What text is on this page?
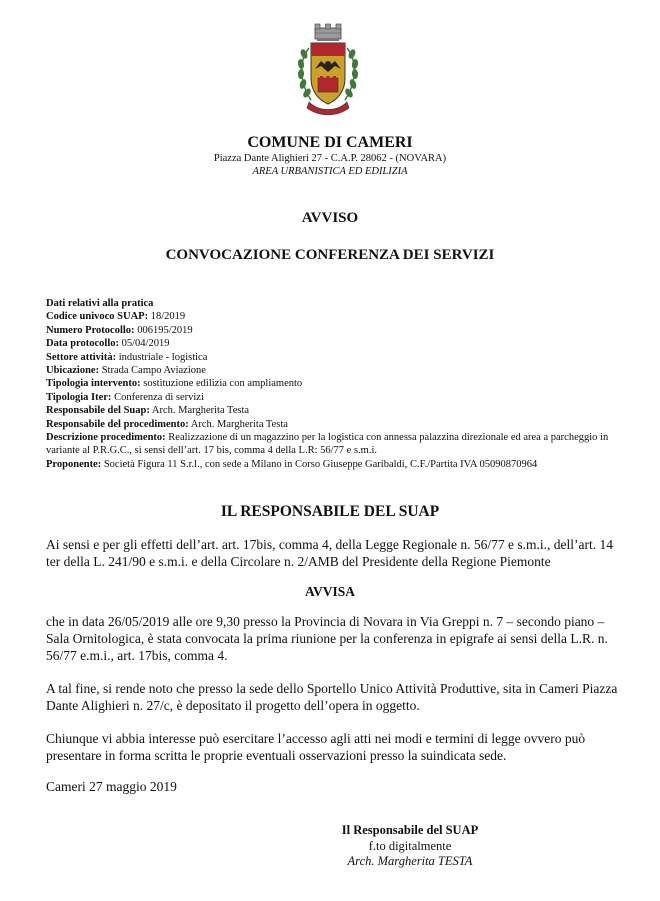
COMUNE DI CAMERI
Piazza Dante Alighieri 27 - C.A.P. 28062 - (NOVARA)
AREA URBANISTICA ED EDILIZIA
AVVISO
CONVOCAZIONE CONFERENZA DEI SERVIZI
Dati relativi alla pratica
Codice univoco SUAP: 18/2019
Numero Protocollo: 006195/2019
Data protocollo: 05/04/2019
Settore attività: industriale - logistica
Ubicazione: Strada Campo Aviazione
Tipologia intervento: sostituzione edilizia con ampliamento
Tipologia Iter: Conferenza di servizi
Responsabile del Suap: Arch. Margherita Testa
Responsabile del procedimento: Arch. Margherita Testa
Descrizione procedimento: Realizzazione di un magazzino per la logistica con annessa palazzina direzionale ed area a parcheggio in variante al P.R.G.C., si sensi dell’art. 17 bis, comma 4 della L.R: 56/77 e s.m.i.
Proponente: Società Figura 11 S.r.l., con sede a Milano in Corso Giuseppe Garibaldi, C.F./Partita IVA 05090870964
IL RESPONSABILE DEL SUAP
Ai sensi e per gli effetti dell’art. art. 17bis, comma 4, della Legge Regionale n. 56/77 e s.m.i., dell’art. 14 ter della L. 241/90 e s.m.i. e della Circolare n. 2/AMB del Presidente della Regione Piemonte
AVVISA
che in data 26/05/2019 alle ore 9,30 presso la Provincia di Novara in Via Greppi n. 7 – secondo piano – Sala Ornitologica, è stata convocata la prima riunione per la conferenza in epigrafe ai sensi della L.R. n. 56/77 e.m.i., art. 17bis, comma 4.
A tal fine, si rende noto che presso la sede dello Sportello Unico Attività Produttive, sita in Cameri Piazza Dante Alighieri n. 27/c, è depositato il progetto dell’opera in oggetto.
Chiunque vi abbia interesse può esercitare l’accesso agli atti nei modi e termini di legge ovvero può presentare in forma scritta le proprie eventuali osservazioni presso la suindicata sede.
Cameri 27 maggio 2019
Il Responsabile del SUAP
f.to digitalmente
Arch. Margherita TESTA
